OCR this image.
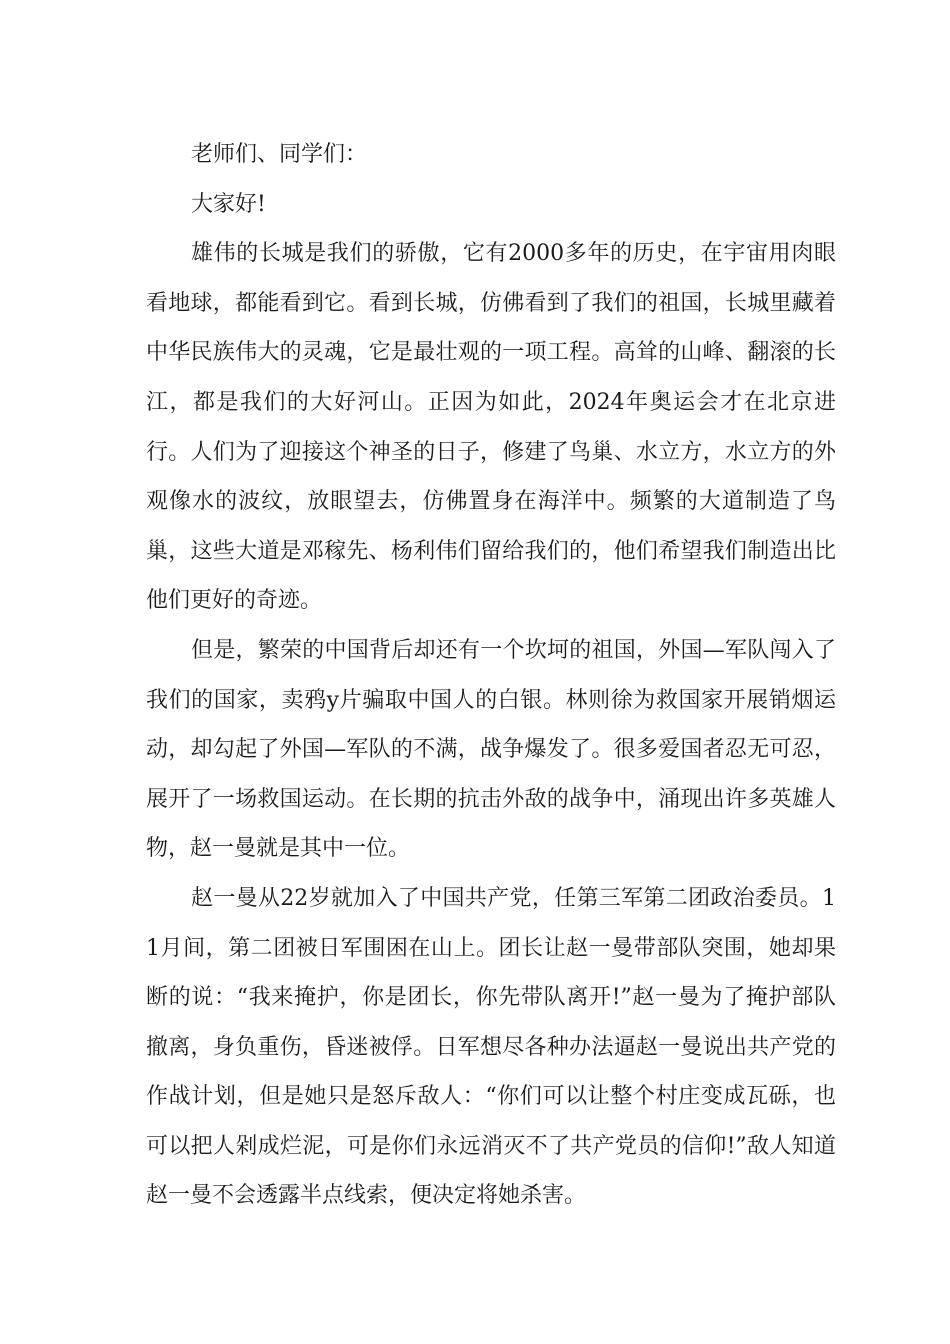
老师们、同学们：

大家好!

雄伟的长城是我们的骄傲，它有2000多年的历史，在宇宙用肉眼看地球，都能看到它。看到长城，仿佛看到了我们的祖国，长城里藏着中华民族伟大的灵魂，它是最壮观的一项工程。高耸的山峰、翻滚的长江，都是我们的大好河山。正因为如此，2024年奥运会才在北京进行。人们为了迎接这个神圣的日子，修建了鸟巢、水立方，水立方的外观像水的波纹，放眼望去，仿佛置身在海洋中。频繁的大道制造了鸟巢，这些大道是邓稼先、杨利伟们留给我们的，他们希望我们制造出比他们更好的奇迹。

但是，繁荣的中国背后却还有一个坎坷的祖国，外国—军队闯入了我们的国家，卖鸦y片骗取中国人的白银。林则徐为救国家开展销烟运动，却勾起了外国—军队的不满，战争爆发了。很多爱国者忍无可忍，展开了一场救国运动。在长期的抗击外敌的战争中，涌现出许多英雄人物，赵一曼就是其中一位。

赵一曼从22岁就加入了中国共产党，任第三军第二团政治委员。11月间，第二团被日军围困在山上。团长让赵一曼带部队突围，她却果断的说：“我来掩护，你是团长，你先带队离开!”赵一曼为了掩护部队撤离，身负重伤，昏迷被俘。日军想尽各种办法逼赵一曼说出共产党的作战计划，但是她只是怒斥敌人：“你们可以让整个村庄变成瓦砾，也可以把人剁成烂泥，可是你们永远消灭不了共产党员的信仰!”敌人知道赵一曼不会透露半点线索，便决定将她杀害。
